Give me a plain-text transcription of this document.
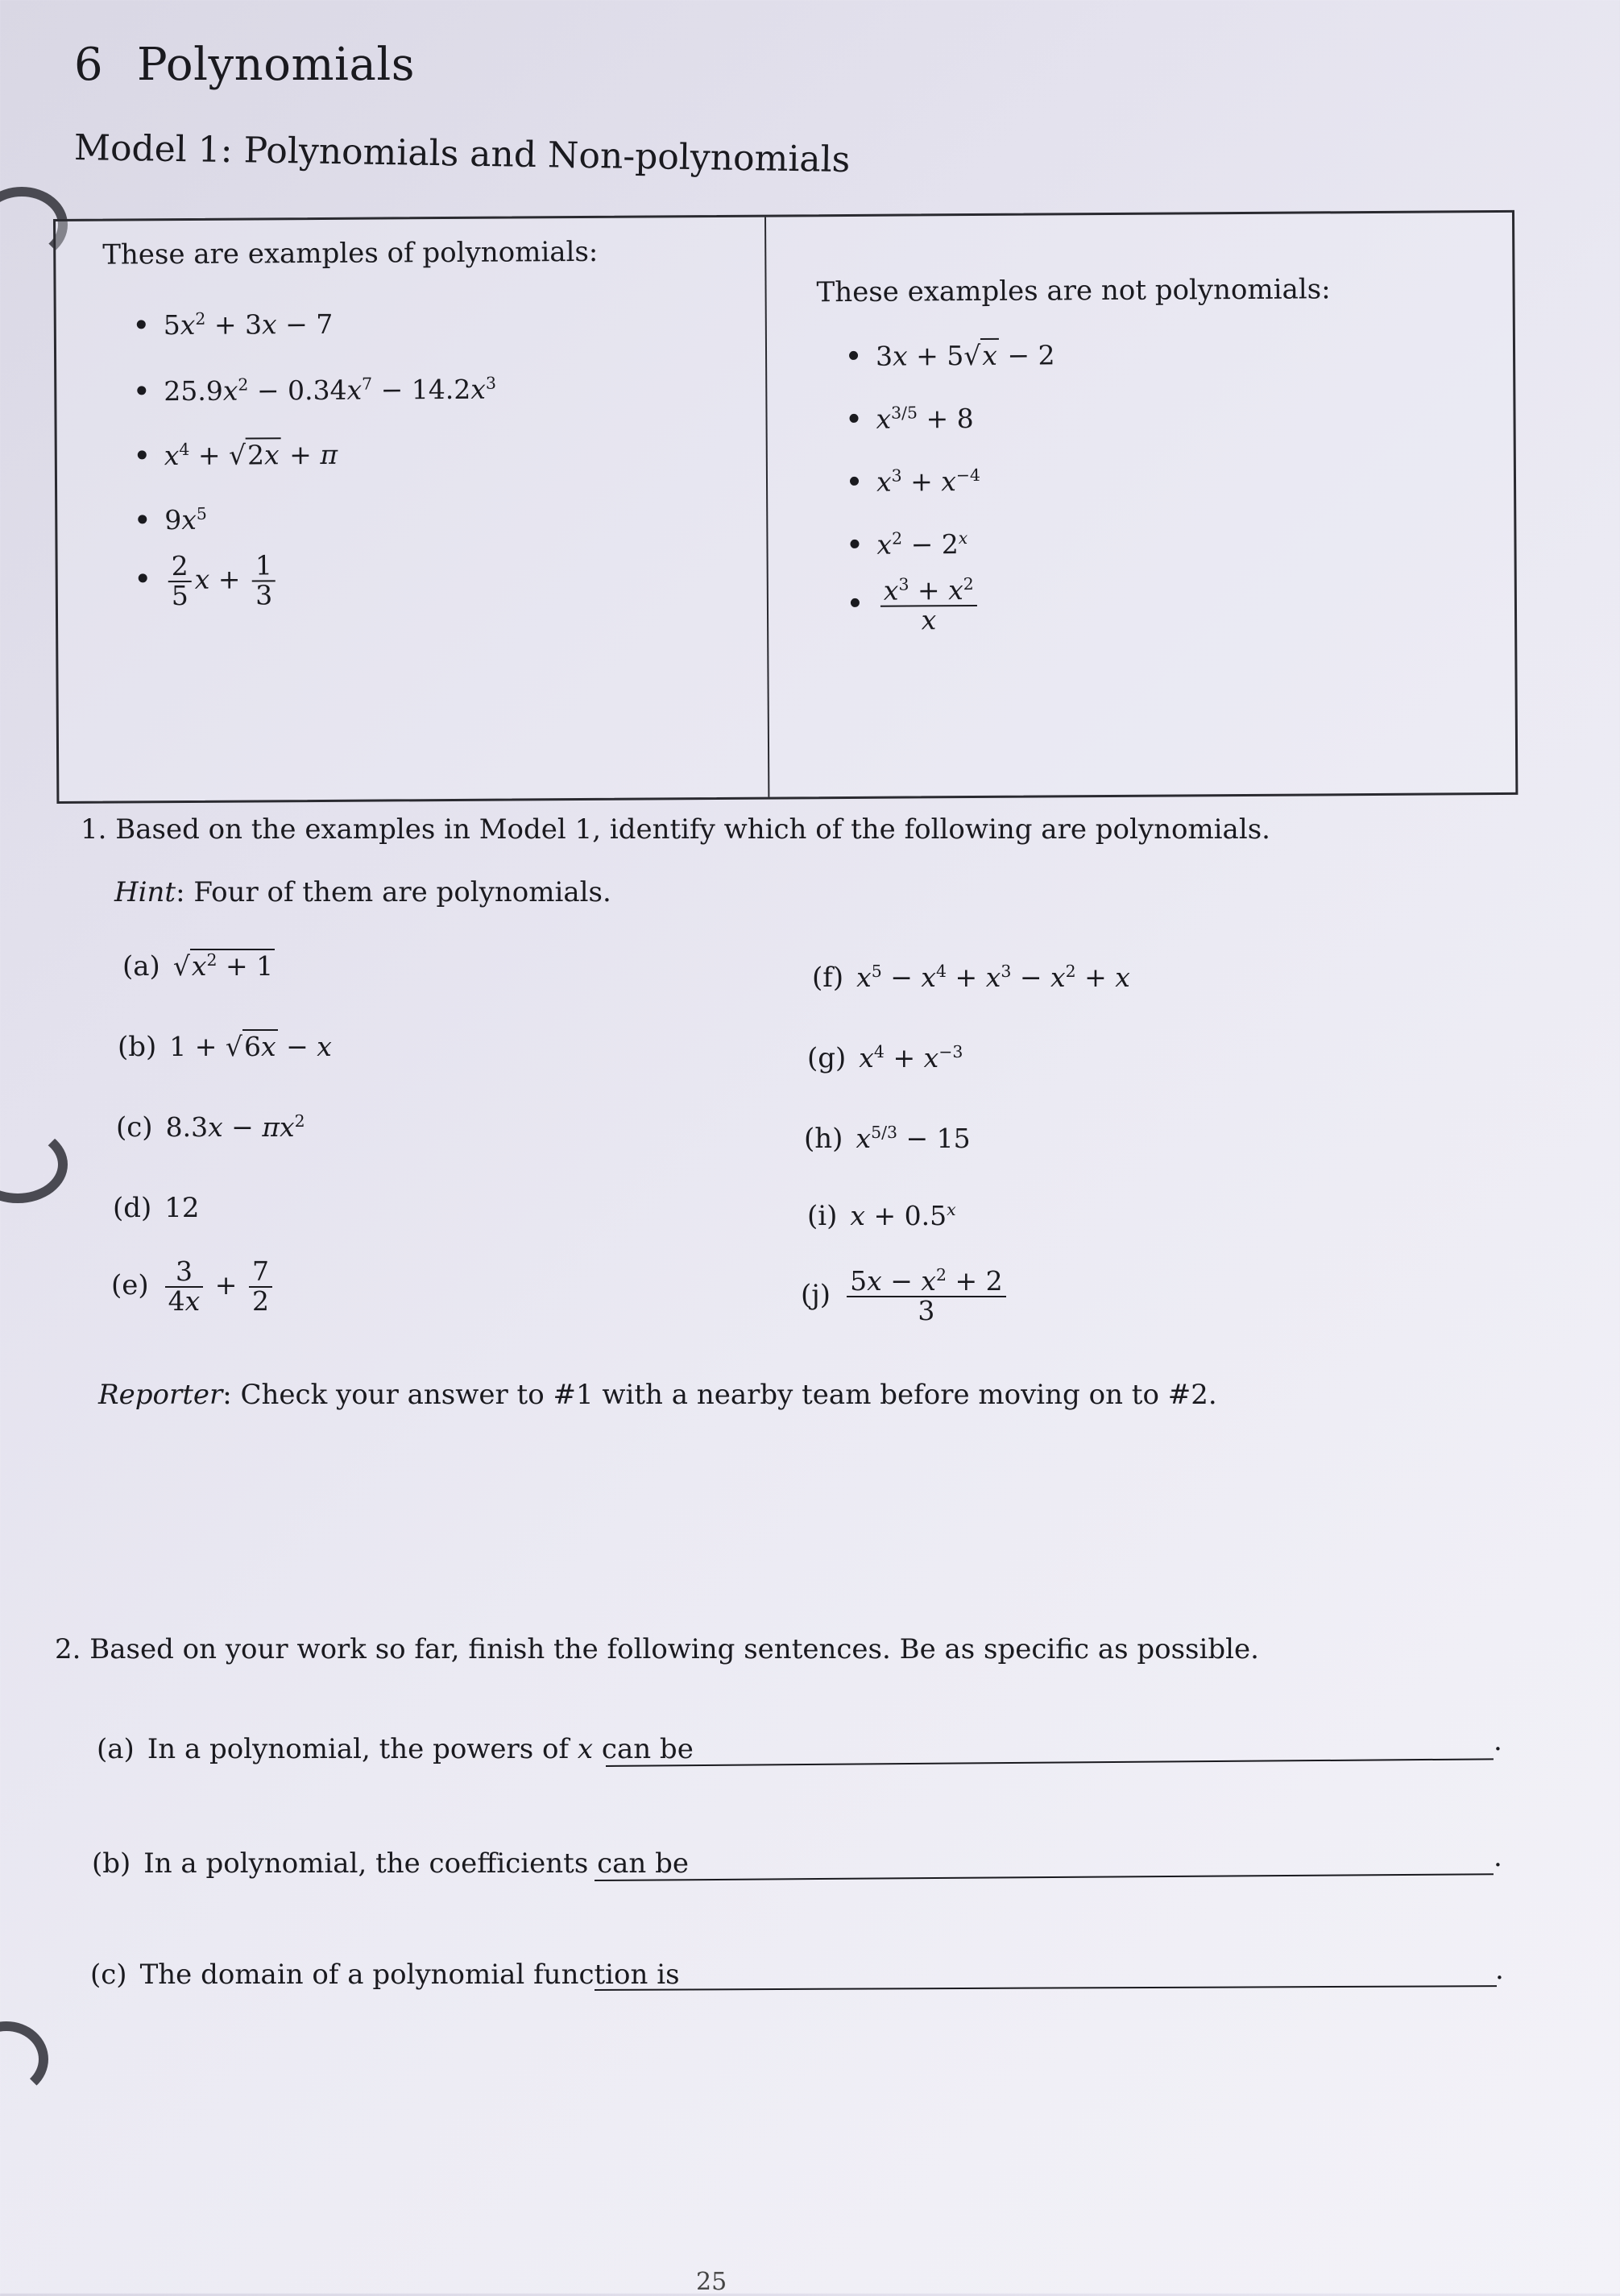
6 Polynomials
Model 1: Polynomials and Non-polynomials
These are examples of polynomials:
These examples are not polynomials:
$5x^2 + 3x - 7$
$25.9x^2 - 0.34x^7 - 14.2x^3$
$x^4 + √2x + \pi$
$9x^5$
$\frac{2}{5}$ $x + \frac{1}{3}$
3x + 5√x − 2
$x^{3/5} + 8$
$x^3 + x^{-4}$
$x^2 - 2^x$
$\frac{x^3 + x^2}{x}$
1. Based on the examples in Model 1, identify which of the following are polynomials.
Hint: Four of them are polynomials.
(a) $√x^2 + 1$
(b) 1 + √6x − x
(c) $8.3x - \pi x^2$
(d) 12
$(e) \frac{3}{4x} + \frac{7}{2}$
(f) $x^5 - x^4 + x^3 - x^2 + x$
(g) $x^4 + x^{-3}$
(h) $x^{5/3} - 15$
(i) $x + 0.5^x$
$(j) \frac{5x - x^2 + 2}{3}$
Reporter: Check your answer to #1 with a nearby team before moving on to #2.
2. Based on your work so far, finish the following sentences. Be as specific as possible.
(a) In a polynomial, the powers of x can be	.
(b) In a polynomial, the coefficients can be	.
(c) The domain of a polynomial function is	.
25
